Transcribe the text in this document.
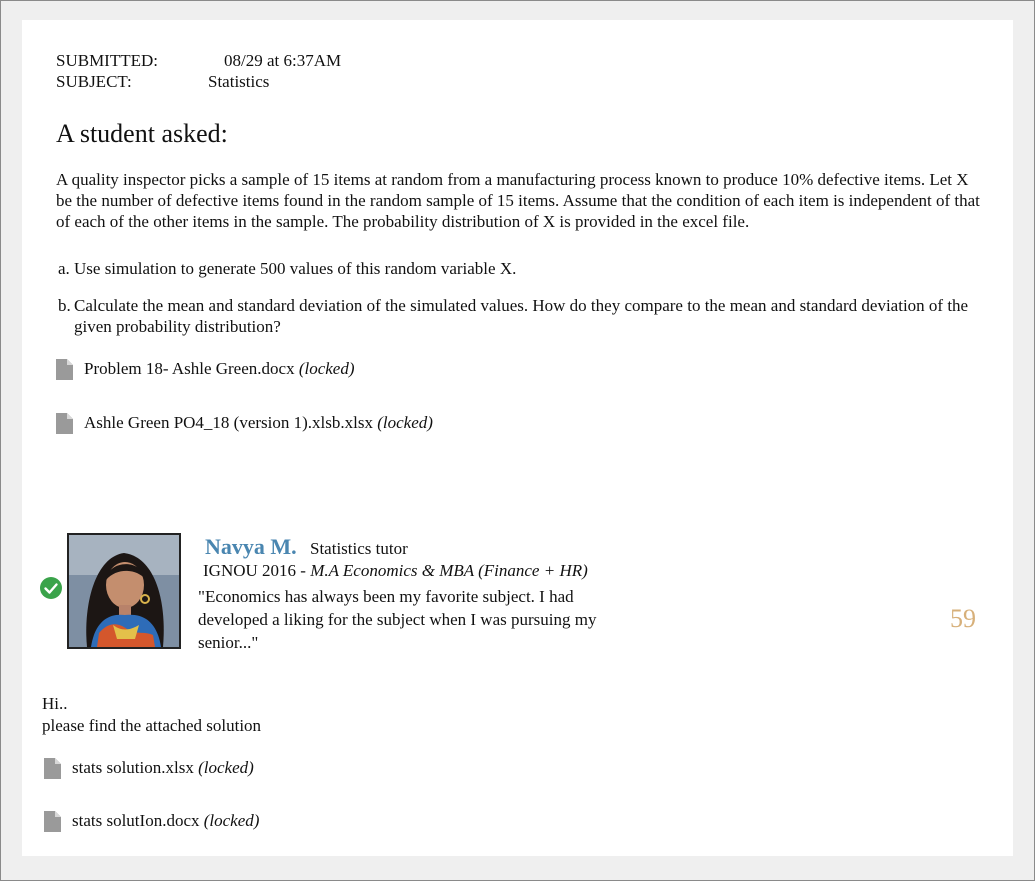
SUBMITTED:	08/29 at 6:37AM
SUBJECT:	Statistics
A student asked:
A quality inspector picks a sample of 15 items at random from a manufacturing process known to produce 10% defective items. Let X be the number of defective items found in the random sample of 15 items. Assume that the condition of each item is independent of that of each of the other items in the sample. The probability distribution of X is provided in the excel file.
a. Use simulation to generate 500 values of this random variable X.
b. Calculate the mean and standard deviation of the simulated values. How do they compare to the mean and standard deviation of the given probability distribution?
Problem 18- Ashle Green.docx (locked)
Ashle Green PO4_18 (version 1).xlsb.xlsx (locked)
Navya M. Statistics tutor
IGNOU 2016 - M.A Economics & MBA (Finance + HR)
"Economics has always been my favorite subject. I had developed a liking for the subject when I was pursuing my senior..."
59
Hi..
please find the attached solution
stats solution.xlsx (locked)
stats solutIon.docx (locked)
